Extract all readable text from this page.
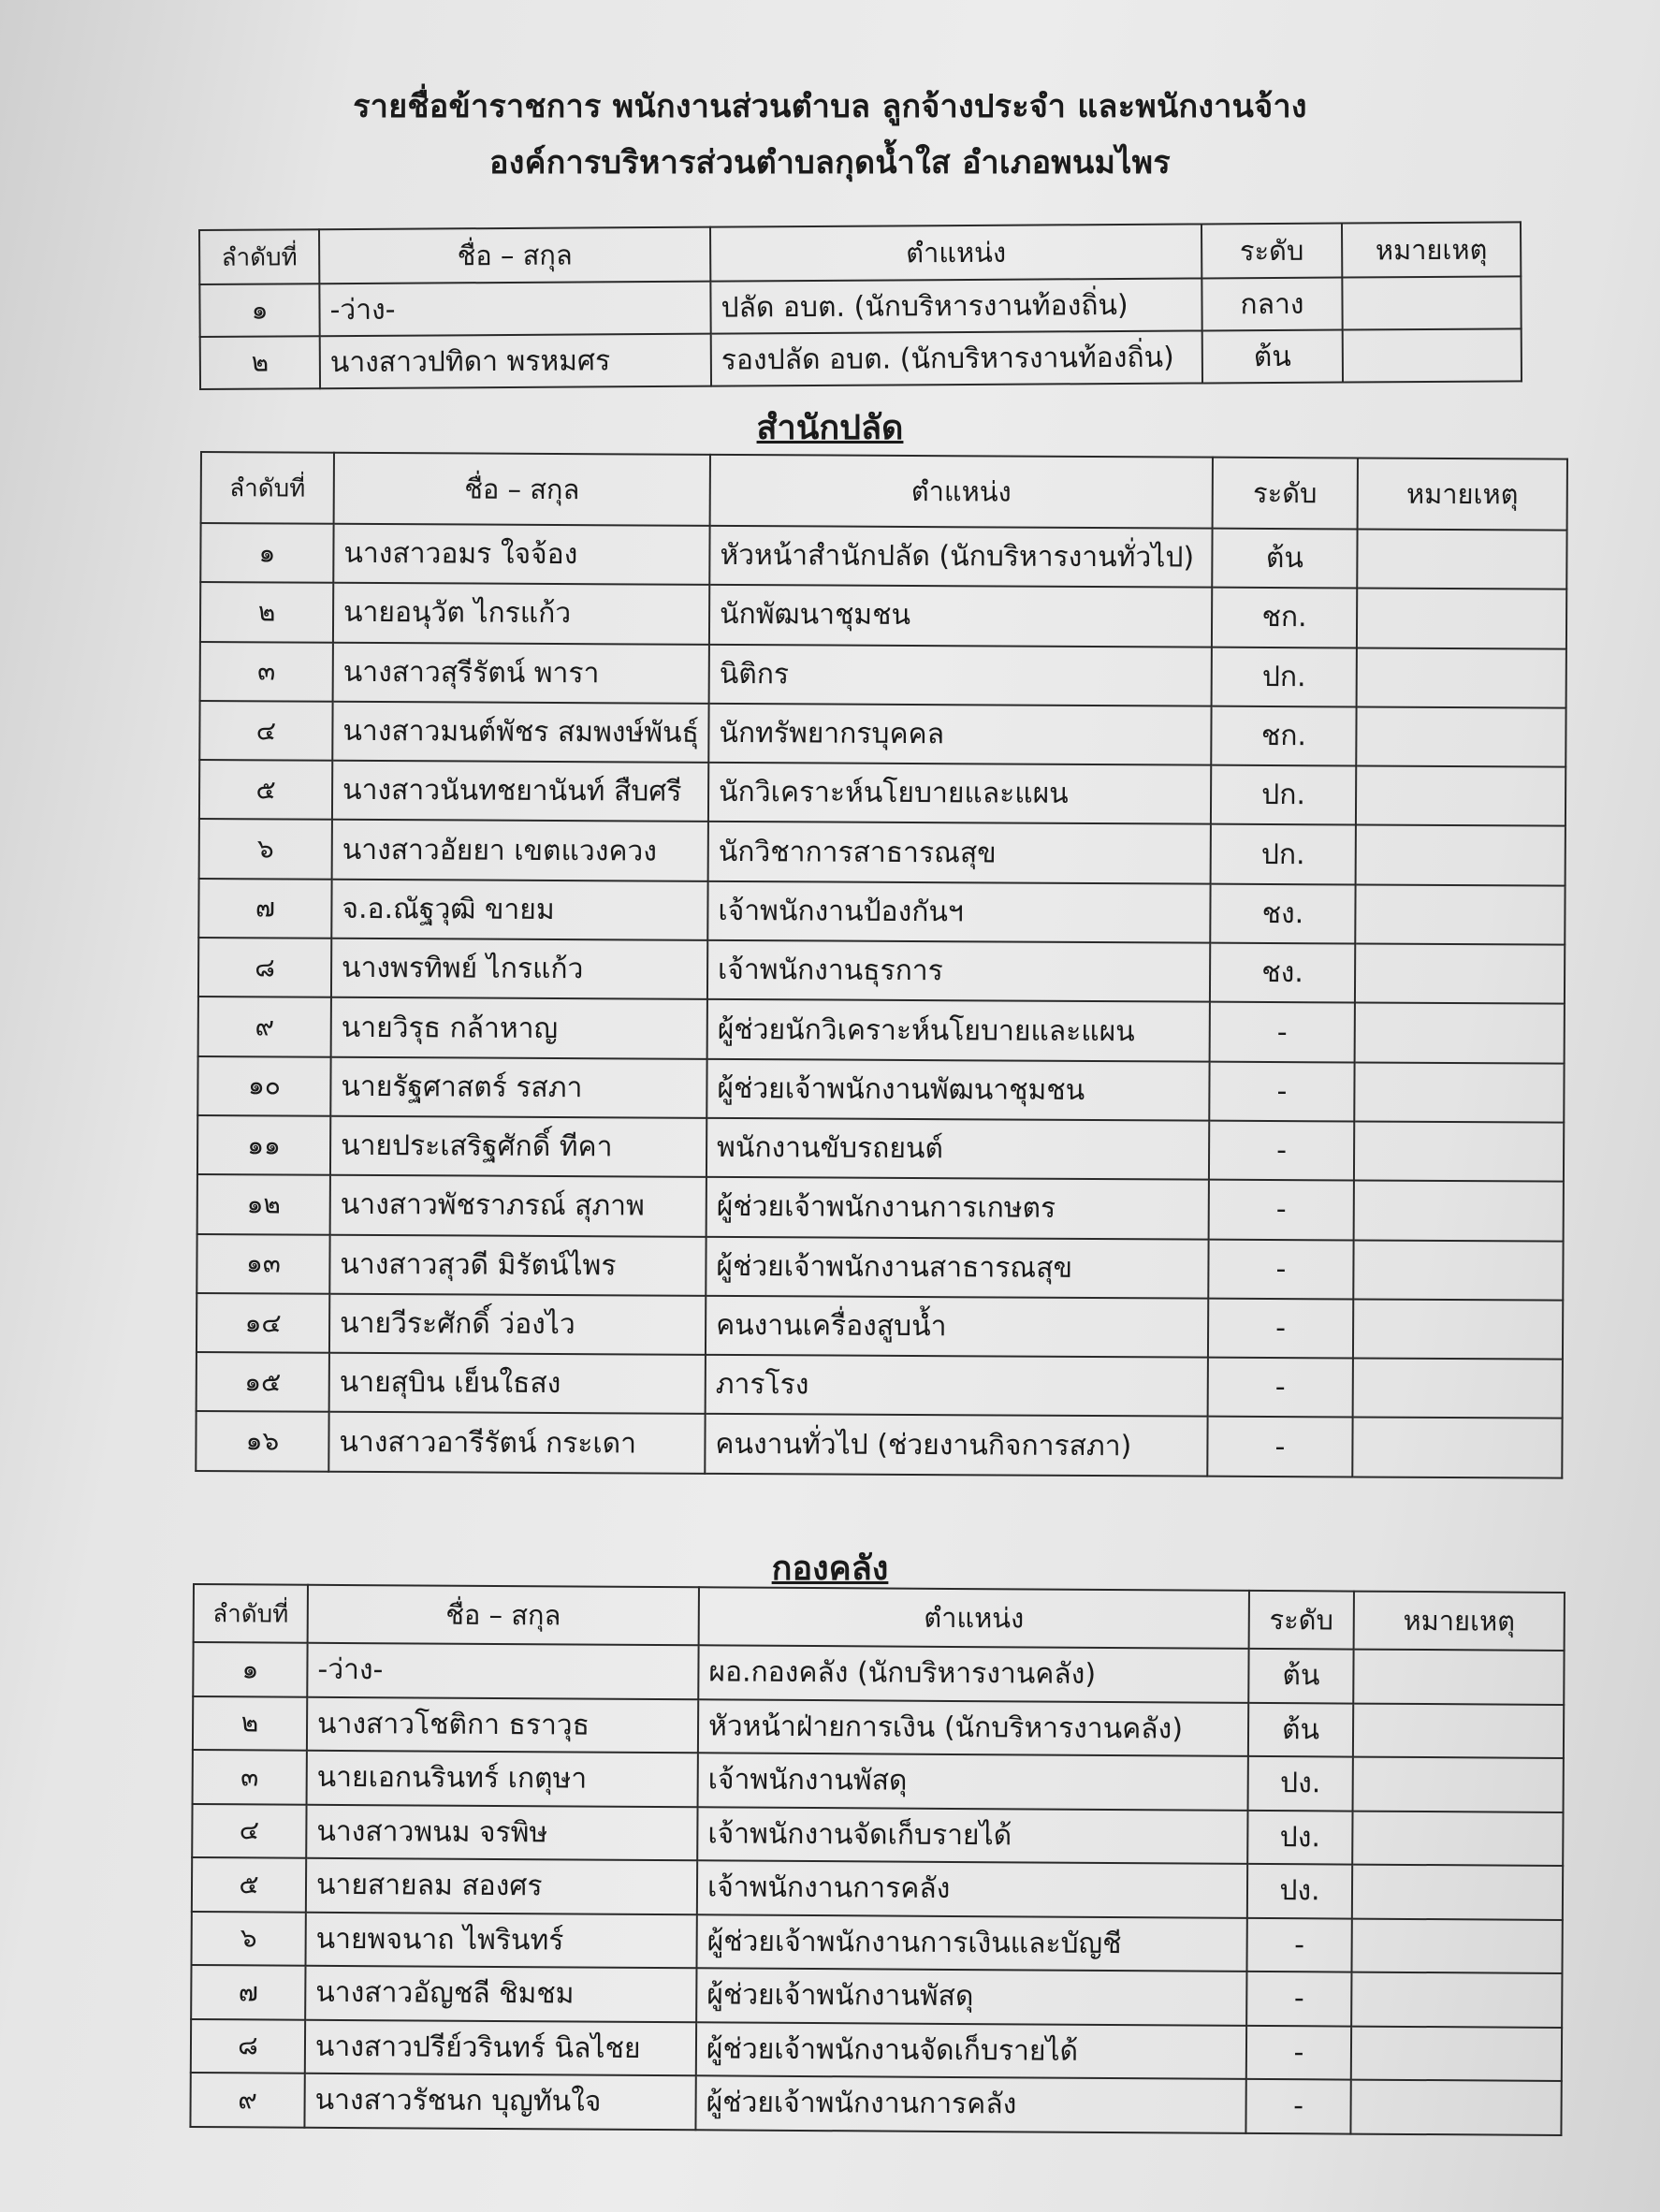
รายชื่อข้าราชการ พนักงานส่วนตำบล ลูกจ้างประจำ และพนักงานจ้าง
องค์การบริหารส่วนตำบลกุดน้ำใส อำเภอพนมไพร
ลำดับที่	ชื่อ – สกุล	ตำแหน่ง	ระดับ	หมายเหตุ
๑	-ว่าง-	ปลัด อบต. (นักบริหารงานท้องถิ่น)	กลาง	
๒	นางสาวปทิดา พรหมศร	รองปลัด อบต. (นักบริหารงานท้องถิ่น)	ต้น	
สำนักปลัด
ลำดับที่	ชื่อ – สกุล	ตำแหน่ง	ระดับ	หมายเหตุ
๑	นางสาวอมร ใจจ้อง	หัวหน้าสำนักปลัด (นักบริหารงานทั่วไป)	ต้น	
๒	นายอนุวัต ไกรแก้ว	นักพัฒนาชุมชน	ชก.	
๓	นางสาวสุรีรัตน์ พารา	นิติกร	ปก.	
๔	นางสาวมนต์พัชร สมพงษ์พันธุ์	นักทรัพยากรบุคคล	ชก.	
๕	นางสาวนันทชยานันท์ สืบศรี	นักวิเคราะห์นโยบายและแผน	ปก.	
๖	นางสาวอัยยา เขตแวงควง	นักวิชาการสาธารณสุข	ปก.	
๗	จ.อ.ณัฐวุฒิ ขายม	เจ้าพนักงานป้องกันฯ	ชง.	
๘	นางพรทิพย์ ไกรแก้ว	เจ้าพนักงานธุรการ	ชง.	
๙	นายวิรุธ กล้าหาญ	ผู้ช่วยนักวิเคราะห์นโยบายและแผน	-	
๑๐	นายรัฐศาสตร์ รสภา	ผู้ช่วยเจ้าพนักงานพัฒนาชุมชน	-	
๑๑	นายประเสริฐศักดิ์ ทีคา	พนักงานขับรถยนต์	-	
๑๒	นางสาวพัชราภรณ์ สุภาพ	ผู้ช่วยเจ้าพนักงานการเกษตร	-	
๑๓	นางสาวสุวดี มิรัตน์ไพร	ผู้ช่วยเจ้าพนักงานสาธารณสุข	-	
๑๔	นายวีระศักดิ์ ว่องไว	คนงานเครื่องสูบน้ำ	-	
๑๕	นายสุบิน เย็นใธสง	ภารโรง	-	
๑๖	นางสาวอารีรัตน์ กระเดา	คนงานทั่วไป (ช่วยงานกิจการสภา)	-	
กองคลัง
ลำดับที่	ชื่อ – สกุล	ตำแหน่ง	ระดับ	หมายเหตุ
๑	-ว่าง-	ผอ.กองคลัง (นักบริหารงานคลัง)	ต้น	
๒	นางสาวโชติกา ธราวุธ	หัวหน้าฝ่ายการเงิน (นักบริหารงานคลัง)	ต้น	
๓	นายเอกนรินทร์ เกตุษา	เจ้าพนักงานพัสดุ	ปง.	
๔	นางสาวพนม จรพิษ	เจ้าพนักงานจัดเก็บรายได้	ปง.	
๕	นายสายลม สองศร	เจ้าพนักงานการคลัง	ปง.	
๖	นายพจนาถ ไพรินทร์	ผู้ช่วยเจ้าพนักงานการเงินและบัญชี	-	
๗	นางสาวอัญชลี ชิมชม	ผู้ช่วยเจ้าพนักงานพัสดุ	-	
๘	นางสาวปรีย์วรินทร์ นิลไชย	ผู้ช่วยเจ้าพนักงานจัดเก็บรายได้	-	
๙	นางสาวรัชนก บุญทันใจ	ผู้ช่วยเจ้าพนักงานการคลัง	-	
